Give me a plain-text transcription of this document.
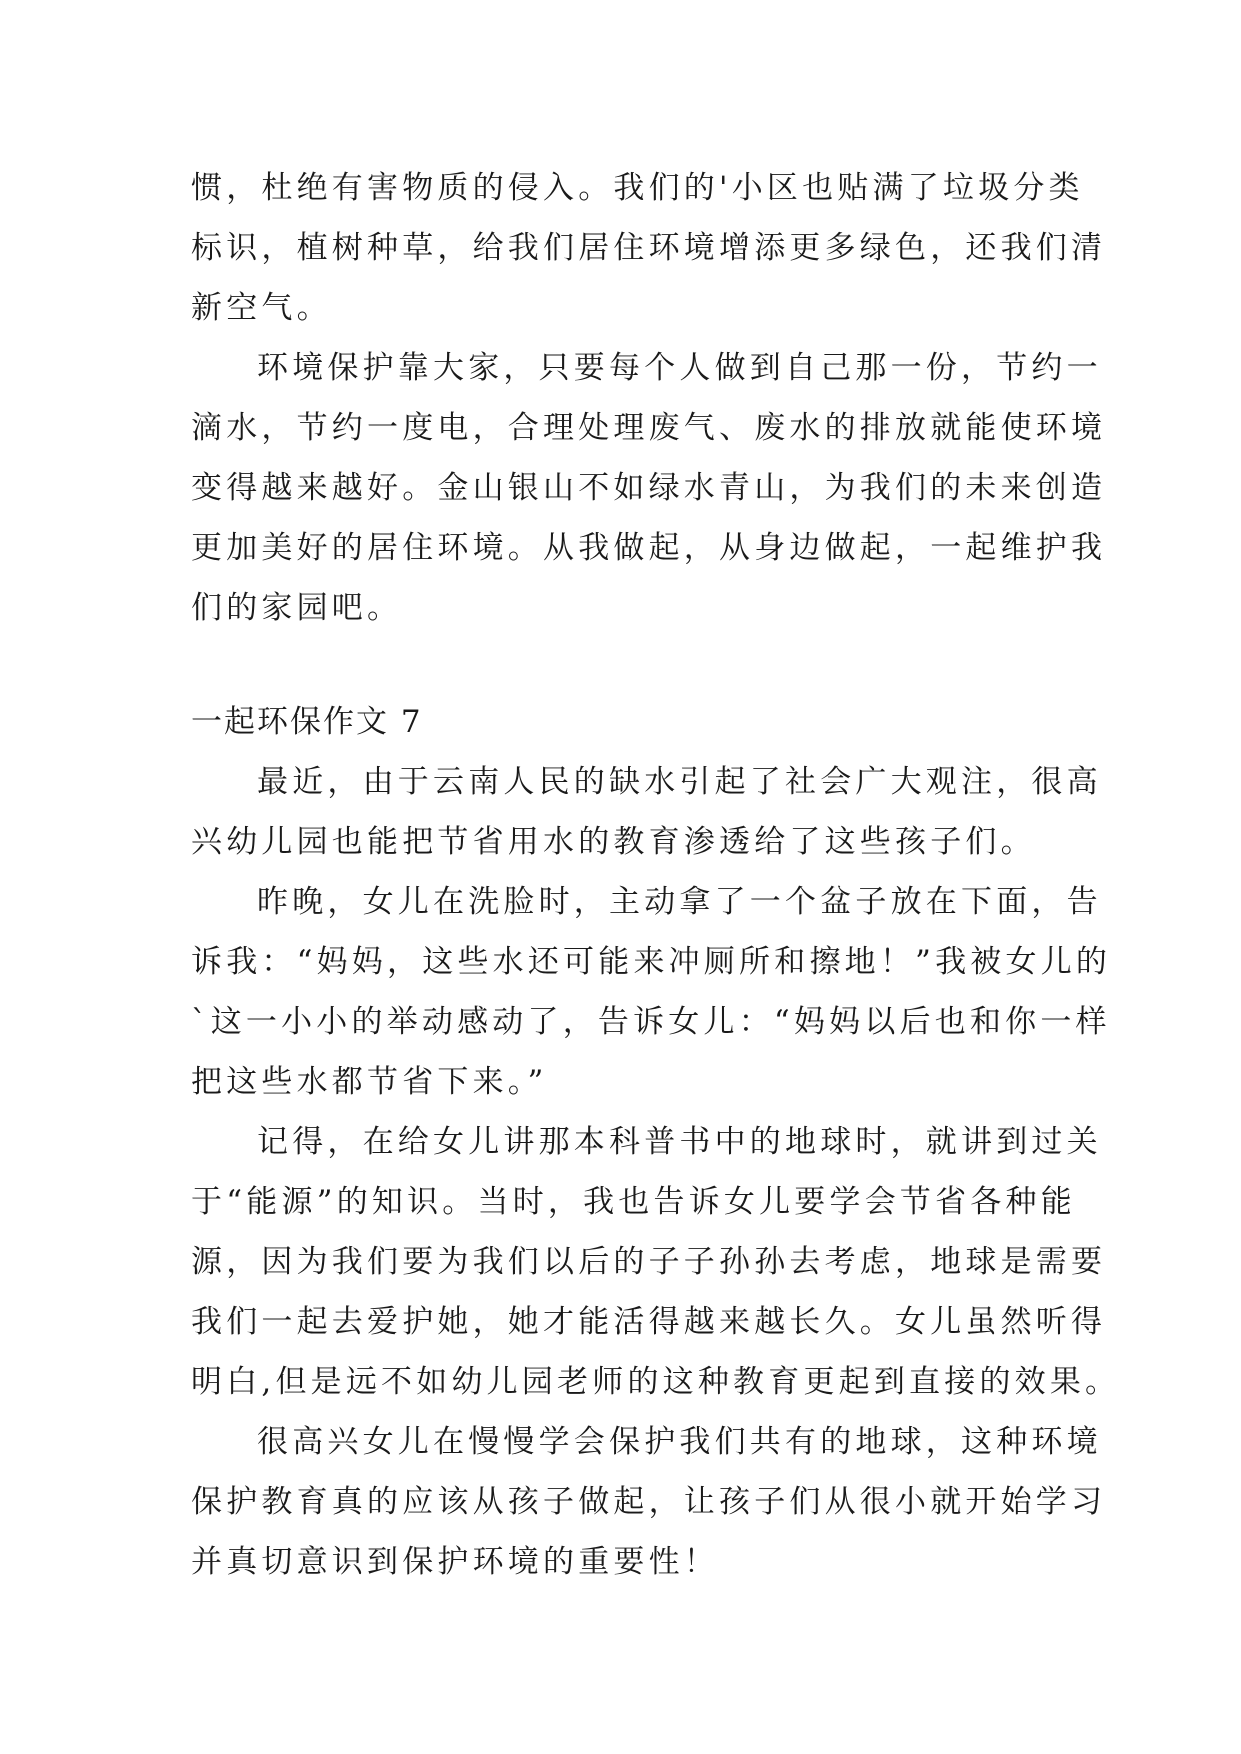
惯，杜绝有害物质的侵入。我们的'小区也贴满了垃圾分类
标识，植树种草，给我们居住环境增添更多绿色，还我们清
新空气。
环境保护靠大家，只要每个人做到自己那一份，节约一
滴水，节约一度电，合理处理废气、废水的排放就能使环境
变得越来越好。金山银山不如绿水青山，为我们的未来创造
更加美好的居住环境。从我做起，从身边做起，一起维护我
们的家园吧。
一起环保作文 7
最近，由于云南人民的缺水引起了社会广大观注，很高
兴幼儿园也能把节省用水的教育渗透给了这些孩子们。
昨晚，女儿在洗脸时，主动拿了一个盆子放在下面，告
诉我：“妈妈，这些水还可能来冲厕所和擦地！”我被女儿的
`这一小小的举动感动了，告诉女儿：“妈妈以后也和你一样
把这些水都节省下来。”
记得，在给女儿讲那本科普书中的地球时，就讲到过关
于“能源”的知识。当时，我也告诉女儿要学会节省各种能
源，因为我们要为我们以后的子子孙孙去考虑，地球是需要
我们一起去爱护她，她才能活得越来越长久。女儿虽然听得
明白,但是远不如幼儿园老师的这种教育更起到直接的效果。
很高兴女儿在慢慢学会保护我们共有的地球，这种环境
保护教育真的应该从孩子做起，让孩子们从很小就开始学习
并真切意识到保护环境的重要性！
